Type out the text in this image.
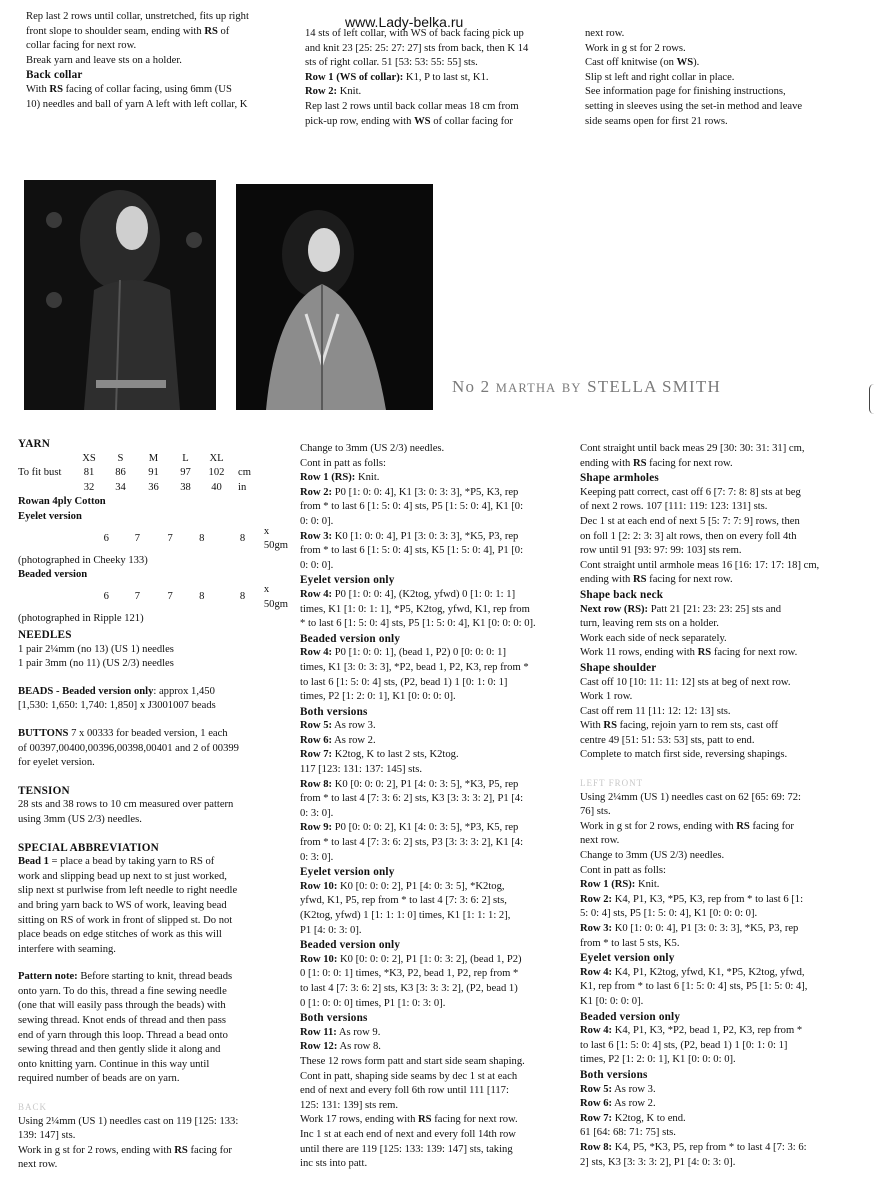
www.Lady-belka.ru

Rep last 2 rows until collar, unstretched, fits up right

front slope to shoulder seam, ending with RS of

collar facing for next row.

Break yarn and leave sts on a holder.

Back collar

With RS facing of collar facing, using 6mm (US

10) needles and ball of yarn A left with left collar, K

14 sts of left collar, with WS of back facing pick up

and knit 23 [25: 25: 27: 27] sts from back, then K 14

sts of right collar. 51 [53: 53: 55: 55] sts.

Row 1 (WS of collar): K1, P to last st, K1.

Row 2: Knit.

Rep last 2 rows until back collar meas 18 cm from

pick-up row, ending with WS of collar facing for

next row.

Work in g st for 2 rows.

Cast off knitwise (on WS).

Slip st left and right collar in place.

See information page for finishing instructions,

setting in sleeves using the set-in method and leave

side seams open for first 21 rows.

No 2 MARTHA BY STELLA SMITH

YARN

	XS	S	M	L	XL	
To fit bust	81	86	91	97	102	cm
	32	34	36	38	40	in

Rowan 4ply Cotton

Eyelet version

	6	7	7	8	8	x 50gm

(photographed in Cheeky 133)

Beaded version

	6	7	7	8	8	x 50gm

(photographed in Ripple 121)

NEEDLES

1 pair 2¼mm (no 13) (US 1) needles

1 pair 3mm (no 11) (US 2/3) needles

BEADS - Beaded version only: approx 1,450

[1,530: 1,650: 1,740: 1,850] x J3001007 beads

BUTTONS 7 x 00333 for beaded version, 1 each

of 00397,00400,00396,00398,00401 and 2 of 00399

for eyelet version.

TENSION

28 sts and 38 rows to 10 cm measured over pattern

using 3mm (US 2/3) needles.

SPECIAL ABBREVIATION

Bead 1 = place a bead by taking yarn to RS of

work and slipping bead up next to st just worked,

slip next st purlwise from left needle to right needle

and bring yarn back to WS of work, leaving bead

sitting on RS of work in front of slipped st. Do not

place beads on edge stitches of work as this will

interfere with seaming.

Pattern note: Before starting to knit, thread beads

onto yarn. To do this, thread a fine sewing needle

(one that will easily pass through the beads) with

sewing thread. Knot ends of thread and then pass

end of yarn through this loop. Thread a bead onto

sewing thread and then gently slide it along and

onto knitting yarn. Continue in this way until

required number of beads are on yarn.

BACK

Using 2¼mm (US 1) needles cast on 119 [125: 133:

139: 147] sts.

Work in g st for 2 rows, ending with RS facing for

next row.

Change to 3mm (US 2/3) needles.

Cont in patt as folls:

Row 1 (RS): Knit.

Row 2: P0 [1: 0: 0: 4], K1 [3: 0: 3: 3], *P5, K3, rep

from * to last 6 [1: 5: 0: 4] sts, P5 [1: 5: 0: 4], K1 [0:

0: 0: 0].

Row 3: K0 [1: 0: 0: 4], P1 [3: 0: 3: 3], *K5, P3, rep

from * to last 6 [1: 5: 0: 4] sts, K5 [1: 5: 0: 4], P1 [0:

0: 0: 0].

Eyelet version only

Row 4: P0 [1: 0: 0: 4], (K2tog, yfwd) 0 [1: 0: 1: 1]

times, K1 [1: 0: 1: 1], *P5, K2tog, yfwd, K1, rep from

* to last 6 [1: 5: 0: 4] sts, P5 [1: 5: 0: 4], K1 [0: 0: 0: 0].

Beaded version only

Row 4: P0 [1: 0: 0: 1], (bead 1, P2) 0 [0: 0: 0: 1]

times, K1 [3: 0: 3: 3], *P2, bead 1, P2, K3, rep from *

to last 6 [1: 5: 0: 4] sts, (P2, bead 1) 1 [0: 1: 0: 1]

times, P2 [1: 2: 0: 1], K1 [0: 0: 0: 0].

Both versions

Row 5: As row 3.

Row 6: As row 2.

Row 7: K2tog, K to last 2 sts, K2tog.

117 [123: 131: 137: 145] sts.

Row 8: K0 [0: 0: 0: 2], P1 [4: 0: 3: 5], *K3, P5, rep

from * to last 4 [7: 3: 6: 2] sts, K3 [3: 3: 3: 2], P1 [4:

0: 3: 0].

Row 9: P0 [0: 0: 0: 2], K1 [4: 0: 3: 5], *P3, K5, rep

from * to last 4 [7: 3: 6: 2] sts, P3 [3: 3: 3: 2], K1 [4:

0: 3: 0].

Eyelet version only

Row 10: K0 [0: 0: 0: 2], P1 [4: 0: 3: 5], *K2tog,

yfwd, K1, P5, rep from * to last 4 [7: 3: 6: 2] sts,

(K2tog, yfwd) 1 [1: 1: 1: 0] times, K1 [1: 1: 1: 2],

P1 [4: 0: 3: 0].

Beaded version only

Row 10: K0 [0: 0: 0: 2], P1 [1: 0: 3: 2], (bead 1, P2)

0 [1: 0: 0: 1] times, *K3, P2, bead 1, P2, rep from *

to last 4 [7: 3: 6: 2] sts, K3 [3: 3: 3: 2], (P2, bead 1)

0 [1: 0: 0: 0] times, P1 [1: 0: 3: 0].

Both versions

Row 11: As row 9.

Row 12: As row 8.

These 12 rows form patt and start side seam shaping.

Cont in patt, shaping side seams by dec 1 st at each

end of next and every foll 6th row until 111 [117:

125: 131: 139] sts rem.

Work 17 rows, ending with RS facing for next row.

Inc 1 st at each end of next and every foll 14th row

until there are 119 [125: 133: 139: 147] sts, taking

inc sts into patt.

Cont straight until back meas 29 [30: 30: 31: 31] cm,

ending with RS facing for next row.

Shape armholes

Keeping patt correct, cast off 6 [7: 7: 8: 8] sts at beg

of next 2 rows. 107 [111: 119: 123: 131] sts.

Dec 1 st at each end of next 5 [5: 7: 7: 9] rows, then

on foll 1 [2: 2: 3: 3] alt rows, then on every foll 4th

row until 91 [93: 97: 99: 103] sts rem.

Cont straight until armhole meas 16 [16: 17: 17: 18] cm,

ending with RS facing for next row.

Shape back neck

Next row (RS): Patt 21 [21: 23: 23: 25] sts and

turn, leaving rem sts on a holder.

Work each side of neck separately.

Work 11 rows, ending with RS facing for next row.

Shape shoulder

Cast off 10 [10: 11: 11: 12] sts at beg of next row.

Work 1 row.

Cast off rem 11 [11: 12: 12: 13] sts.

With RS facing, rejoin yarn to rem sts, cast off

centre 49 [51: 51: 53: 53] sts, patt to end.

Complete to match first side, reversing shapings.

LEFT FRONT

Using 2¼mm (US 1) needles cast on 62 [65: 69: 72:

76] sts.

Work in g st for 2 rows, ending with RS facing for

next row.

Change to 3mm (US 2/3) needles.

Cont in patt as folls:

Row 1 (RS): Knit.

Row 2: K4, P1, K3, *P5, K3, rep from * to last 6 [1:

5: 0: 4] sts, P5 [1: 5: 0: 4], K1 [0: 0: 0: 0].

Row 3: K0 [1: 0: 0: 4], P1 [3: 0: 3: 3], *K5, P3, rep

from * to last 5 sts, K5.

Eyelet version only

Row 4: K4, P1, K2tog, yfwd, K1, *P5, K2tog, yfwd,

K1, rep from * to last 6 [1: 5: 0: 4] sts, P5 [1: 5: 0: 4],

K1 [0: 0: 0: 0].

Beaded version only

Row 4: K4, P1, K3, *P2, bead 1, P2, K3, rep from *

to last 6 [1: 5: 0: 4] sts, (P2, bead 1) 1 [0: 1: 0: 1]

times, P2 [1: 2: 0: 1], K1 [0: 0: 0: 0].

Both versions

Row 5: As row 3.

Row 6: As row 2.

Row 7: K2tog, K to end.

61 [64: 68: 71: 75] sts.

Row 8: K4, P5, *K3, P5, rep from * to last 4 [7: 3: 6:

2] sts, K3 [3: 3: 3: 2], P1 [4: 0: 3: 0].
